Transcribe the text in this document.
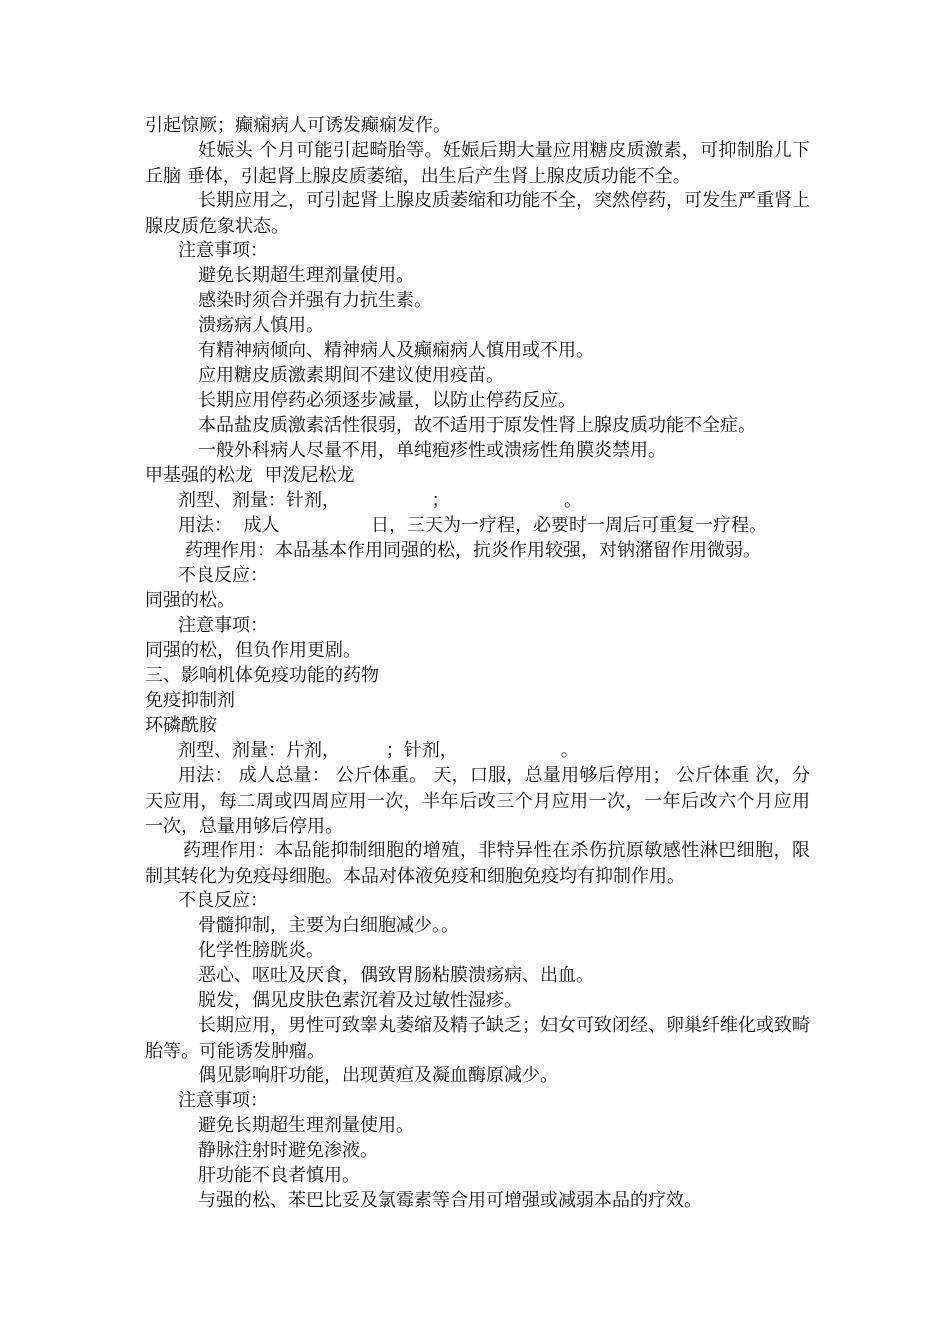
引起惊厥；癫痫病人可诱发癫痫发作。
妊娠头 个月可能引起畸胎等。妊娠后期大量应用糖皮质激素，可抑制胎儿下丘脑 垂体，引起肾上腺皮质萎缩，出生后产生肾上腺皮质功能不全。
长期应用之，可引起肾上腺皮质萎缩和功能不全，突然停药，可发生严重肾上腺皮质危象状态。
注意事项：
避免长期超生理剂量使用。
感染时须合并强有力抗生素。
溃疡病人慎用。
有精神病倾向、精神病人及癫痫病人慎用或不用。
应用糖皮质激素期间不建议使用疫苗。
长期应用停药必须逐步减量，以防止停药反应。
本品盐皮质激素活性很弱，故不适用于原发性肾上腺皮质功能不全症。
一般外科病人尽量不用，单纯疱疹性或溃疡性角膜炎禁用。
甲基强的松龙  甲泼尼松龙
剂型、剂量：针剂，                ；                    。
用法：  成人                日，三天为一疗程，必要时一周后可重复一疗程。
药理作用：本品基本作用同强的松，抗炎作用较强，对钠潴留作用微弱。
不良反应：
同强的松。
注意事项：
同强的松，但负作用更剧。
三、影响机体免疫功能的药物
免疫抑制剂
环磷酰胺
剂型、剂量：片剂，        ；针剂，                  。
用法： 成人总量： 公斤体重。 天，口服，总量用够后停用； 公斤体重 次，分 天应用，每二周或四周应用一次，半年后改三个月应用一次，一年后改六个月应用一次，总量用够后停用。
药理作用：本品能抑制细胞的增殖，非特异性在杀伤抗原敏感性淋巴细胞，限制其转化为免疫母细胞。本品对体液免疫和细胞免疫均有抑制作用。
不良反应：
骨髓抑制，主要为白细胞减少。。
化学性膀胱炎。
恶心、呕吐及厌食，偶致胃肠粘膜溃疡病、出血。
脱发，偶见皮肤色素沉着及过敏性湿疹。
长期应用，男性可致睾丸萎缩及精子缺乏；妇女可致闭经、卵巢纤维化或致畸胎等。可能诱发肿瘤。
偶见影响肝功能，出现黄疸及凝血酶原减少。
注意事项：
避免长期超生理剂量使用。
静脉注射时避免渗液。
肝功能不良者慎用。
与强的松、苯巴比妥及氯霉素等合用可增强或减弱本品的疗效。
